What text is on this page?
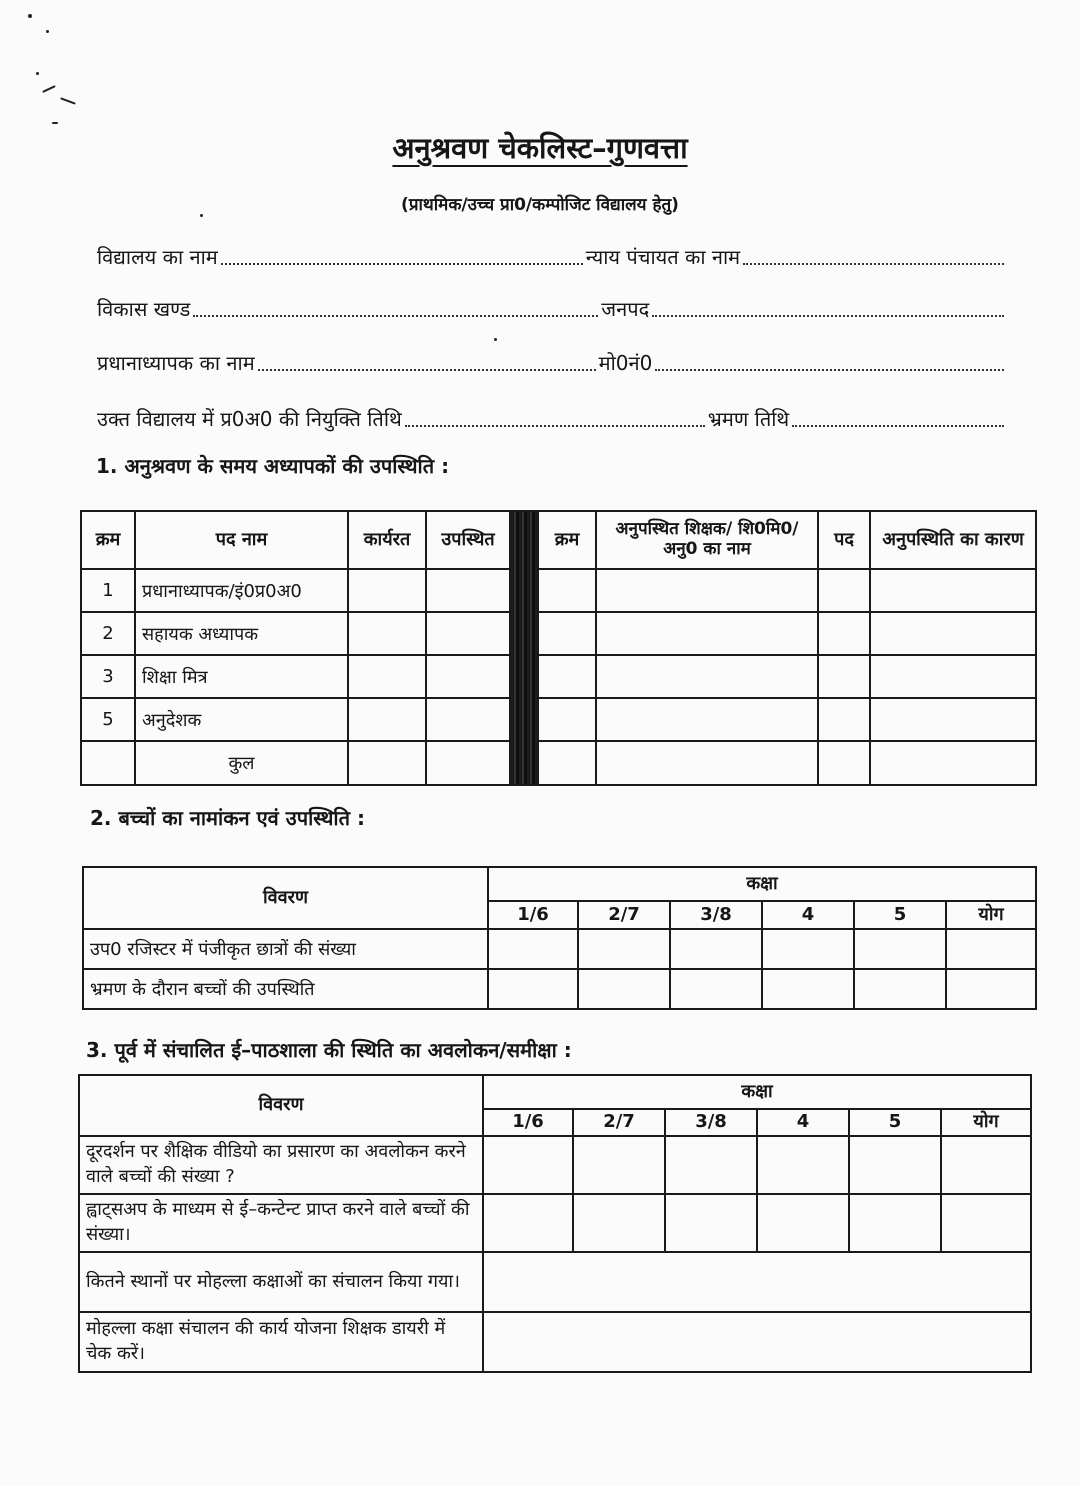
अनुश्रवण चेकलिस्ट–गुणवत्ता
(प्राथमिक/उच्च प्रा0/कम्पोजिट विद्यालय हेतु)
विद्यालय का नाम	न्याय पंचायत का नाम
विकास खण्ड	जनपद
प्रधानाध्यापक का नाम	मो0नं0
उक्त विद्यालय में प्र0अ0 की नियुक्ति तिथि	भ्रमण तिथि
1. अनुश्रवण के समय अध्यापकों की उपस्थिति :
क्रम	पद नाम	कार्यरत	उपस्थित		क्रम	अनुपस्थित शिक्षक/ शि0मि0/अनु0 का नाम	पद	अनुपस्थिति का कारण
1	प्रधानाध्यापक/इं0प्र0अ0							
2	सहायक अध्यापक							
3	शिक्षा मित्र							
5	अनुदेशक							
	कुल							
2. बच्चों का नामांकन एवं उपस्थिति :
विवरण	कक्षा					
	1/6	2/7	3/8	4	5	योग
उप0 रजिस्टर में पंजीकृत छात्रों की संख्या						
भ्रमण के दौरान बच्चों की उपस्थिति						
3. पूर्व में संचालित ई–पाठशाला की स्थिति का अवलोकन/समीक्षा :
विवरण	कक्षा					
	1/6	2/7	3/8	4	5	योग
दूरदर्शन पर शैक्षिक वीडियो का प्रसारण का अवलोकन करने वाले बच्चों की संख्या ?						
ह्वाट्सअप के माध्यम से ई–कन्टेन्ट प्राप्त करने वाले बच्चों की संख्या।						
कितने स्थानों पर मोहल्ला कक्षाओं का संचालन किया गया।						
मोहल्ला कक्षा संचालन की कार्य योजना शिक्षक डायरी में चेक करें।						
